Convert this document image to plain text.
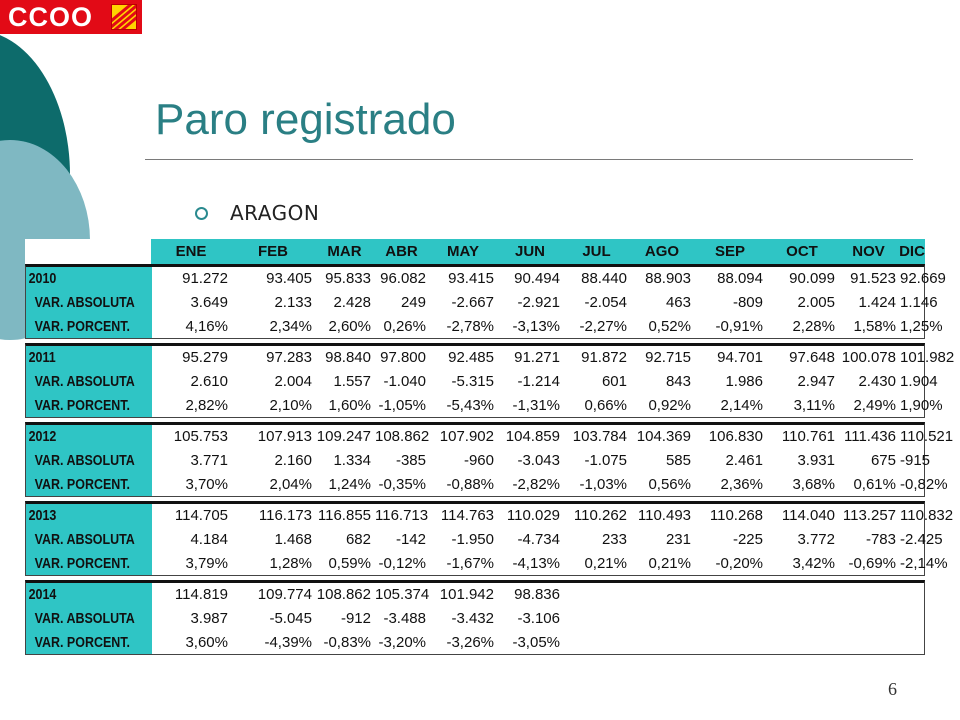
CCOO
Paro registrado
ARAGON
ENE	FEB	MAR	ABR	MAY	JUN	JUL	AGO	SEP	OCT	NOV DIC
2010	91.272	93.405 95.833 96.082	93.415	90.494	88.440	88.903	88.094	90.099	91.523 92.669
VAR. ABSOLUTA	3.649	2.133	2.428	249	-2.667	-2.921	-2.054	463	-809	2.005	1.424 1.146
VAR. PORCENT.	4,16%	2,34%	2,60% 0,26%	-2,78%	-3,13%	-2,27%	0,52%	-0,91%	2,28%	1,58% 1,25%
2011	95.279	97.283 98.840 97.800	92.485	91.271	91.872	92.715	94.701	97.648 100.078 101.982
VAR. ABSOLUTA	2.610	2.004	1.557 -1.040	-5.315	-1.214	601	843	1.986	2.947	2.430 1.904
VAR. PORCENT.	2,82%	2,10%	1,60% -1,05%	-5,43%	-1,31%	0,66%	0,92%	2,14%	3,11%	2,49% 1,90%
2012	105.753	107.913 109.247 108.862 107.902 104.859 103.784 104.369	106.830	110.761 111.436 110.521
VAR. ABSOLUTA	3.771	2.160	1.334	-385	-960	-3.043	-1.075	585	2.461	3.931	675 -915
VAR. PORCENT.	3,70%	2,04%	1,24% -0,35%	-0,88%	-2,82%	-1,03%	0,56%	2,36%	3,68%	0,61% -0,82%
2013	114.705	116.173 116.855 116.713 114.763 110.029 110.262 110.493	110.268	114.040 113.257 110.832
VAR. ABSOLUTA	4.184	1.468	682	-142	-1.950	-4.734	233	231	-225	3.772	-783 -2.425
VAR. PORCENT.	3,79%	1,28%	0,59% -0,12%	-1,67%	-4,13%	0,21%	0,21%	-0,20%	3,42% -0,69% -2,14%
2014	114.819	109.774 108.862 105.374 101.942	98.836
VAR. ABSOLUTA	3.987	-5.045	-912 -3.488	-3.432	-3.106
VAR. PORCENT.	3,60%	-4,39% -0,83% -3,20%	-3,26%	-3,05%
6
